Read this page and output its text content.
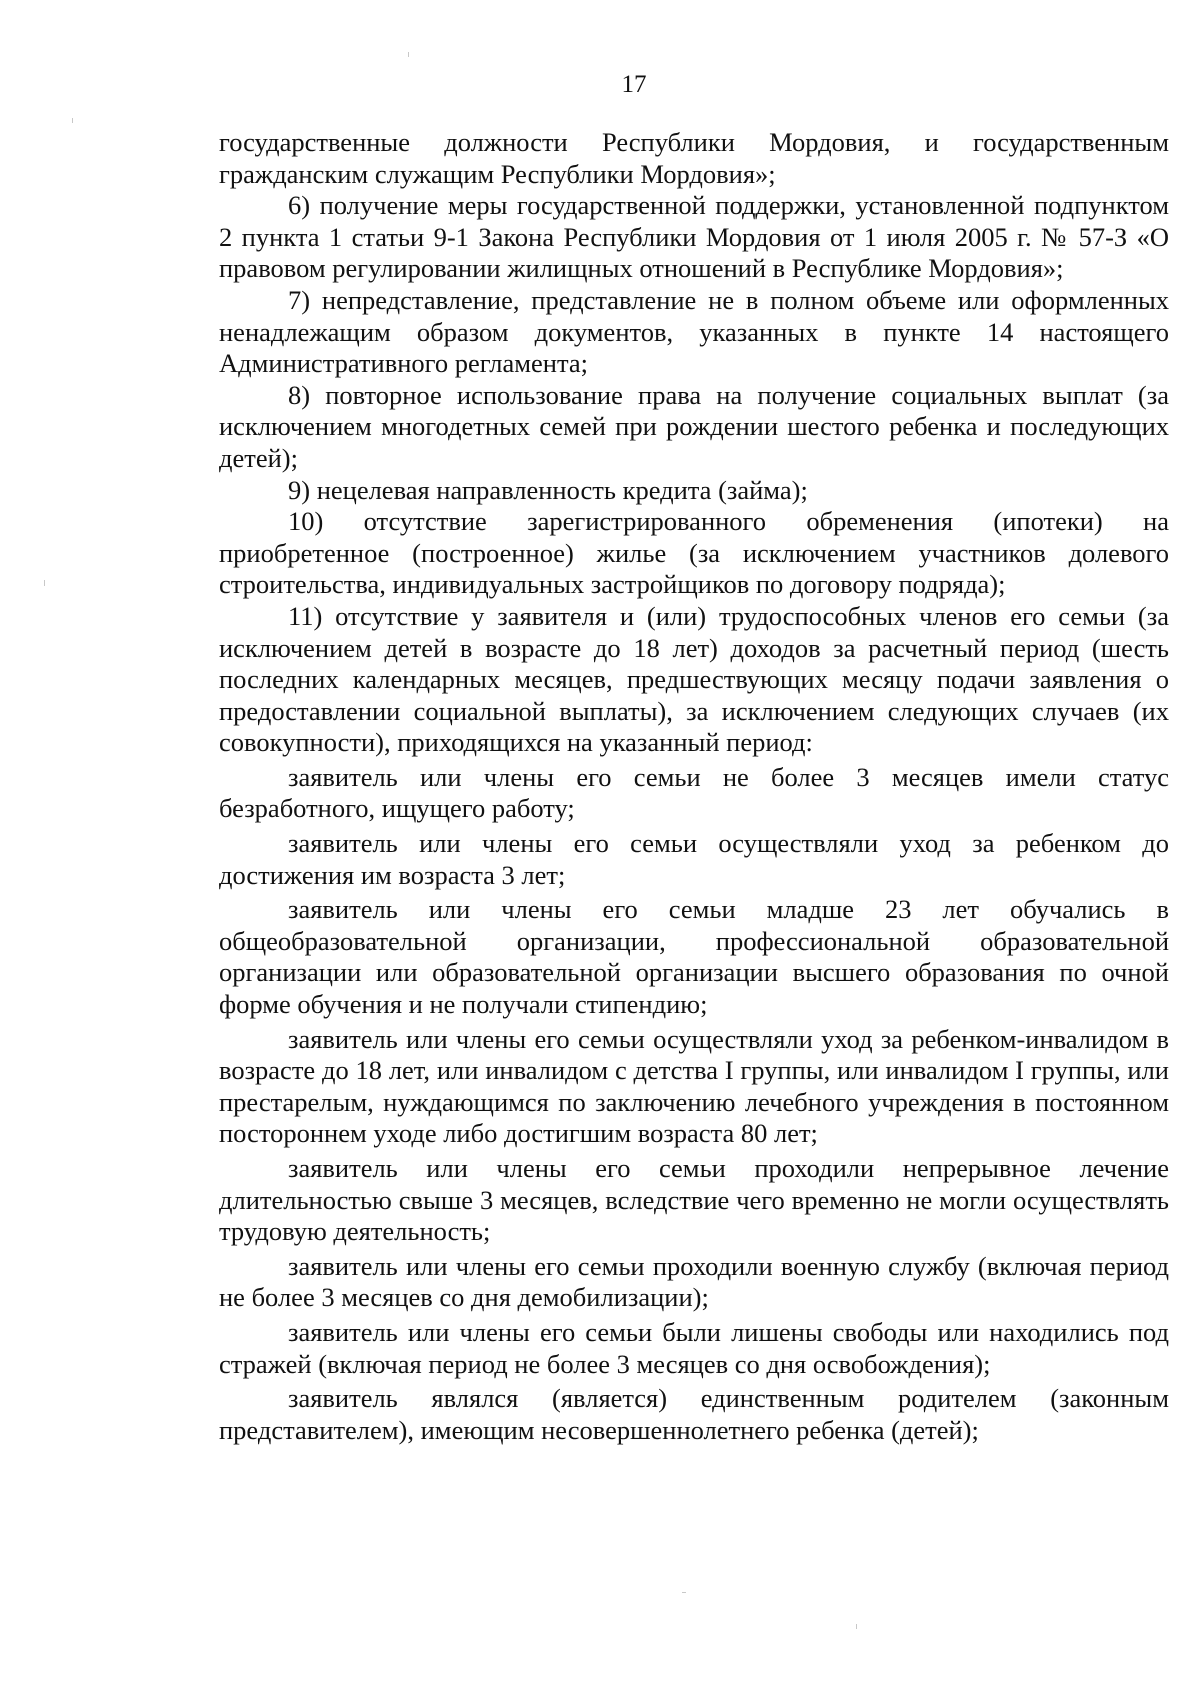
17

государственные должности Республики Мордовия, и государственным гражданским служащим Республики Мордовия»;

6) получение меры государственной поддержки, установленной подпунктом 2 пункта 1 статьи 9-1 Закона Республики Мордовия от 1 июля 2005 г. № 57-З «О правовом регулировании жилищных отношений в Республике Мордовия»;

7) непредставление, представление не в полном объеме или оформленных ненадлежащим образом документов, указанных в пункте 14 настоящего Административного регламента;

8) повторное использование права на получение социальных выплат (за исключением многодетных семей при рождении шестого ребенка и последующих детей);

9) нецелевая направленность кредита (займа);

10) отсутствие зарегистрированного обременения (ипотеки) на приобретенное (построенное) жилье (за исключением участников долевого строительства, индивидуальных застройщиков по договору подряда);

11) отсутствие у заявителя и (или) трудоспособных членов его семьи (за исключением детей в возрасте до 18 лет) доходов за расчетный период (шесть последних календарных месяцев, предшествующих месяцу подачи заявления о предоставлении социальной выплаты), за исключением следующих случаев (их совокупности), приходящихся на указанный период:

заявитель или члены его семьи не более 3 месяцев имели статус безработного, ищущего работу;

заявитель или члены его семьи осуществляли уход за ребенком до достижения им возраста 3 лет;

заявитель или члены его семьи младше 23 лет обучались в общеобразовательной организации, профессиональной образовательной организации или образовательной организации высшего образования по очной форме обучения и не получали стипендию;

заявитель или члены его семьи осуществляли уход за ребенком-инвалидом в возрасте до 18 лет, или инвалидом с детства I группы, или инвалидом I группы, или престарелым, нуждающимся по заключению лечебного учреждения в постоянном постороннем уходе либо достигшим возраста 80 лет;

заявитель или члены его семьи проходили непрерывное лечение длительностью свыше 3 месяцев, вследствие чего временно не могли осуществлять трудовую деятельность;

заявитель или члены его семьи проходили военную службу (включая период не более 3 месяцев со дня демобилизации);

заявитель или члены его семьи были лишены свободы или находились под стражей (включая период не более 3 месяцев со дня освобождения);

заявитель являлся (является) единственным родителем (законным представителем), имеющим несовершеннолетнего ребенка (детей);
